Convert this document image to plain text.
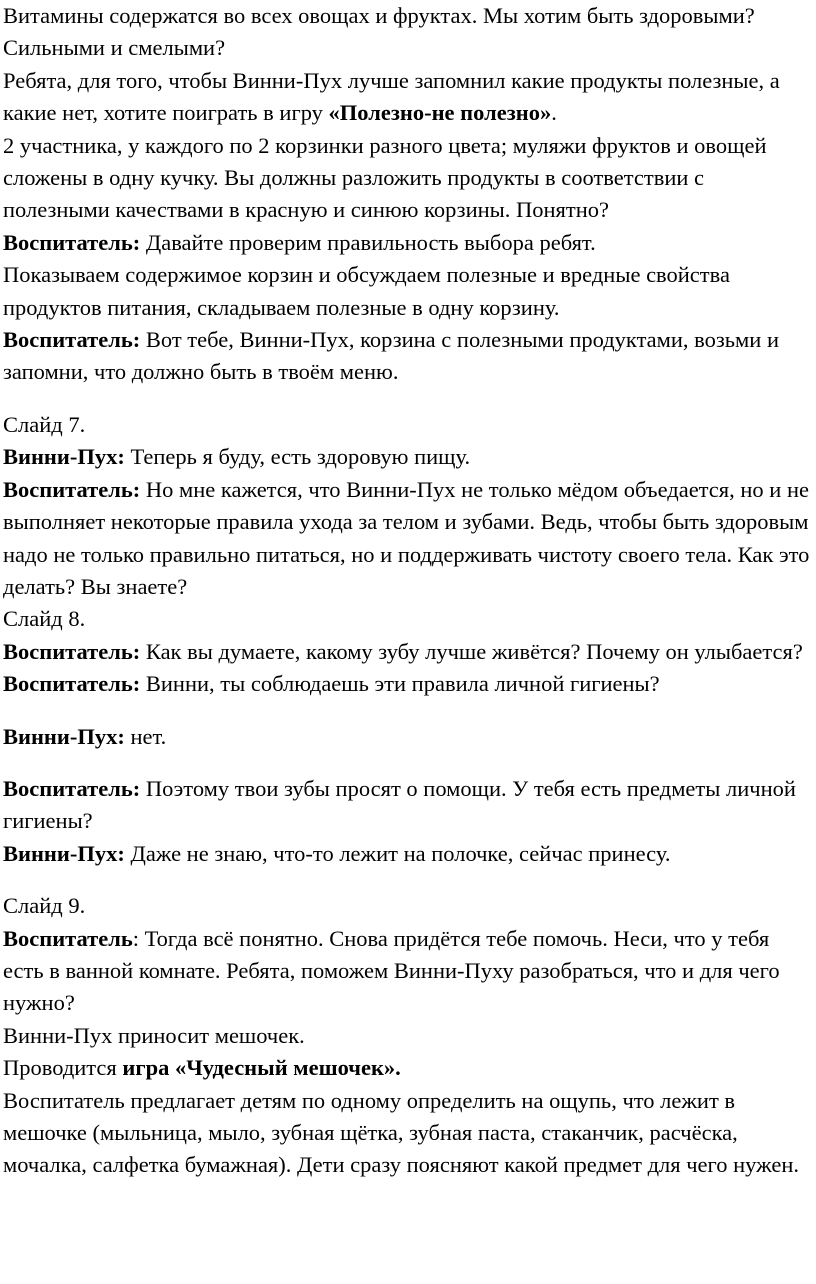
Витамины содержатся во всех овощах и фруктах. Мы хотим быть здоровыми? Сильными и смелыми?

Ребята, для того, чтобы Винни-Пух лучше запомнил какие продукты полезные, а какие нет, хотите поиграть в игру «Полезно-не полезно».

2 участника, у каждого по 2 корзинки разного цвета; муляжи фруктов и овощей сложены в одну кучку. Вы должны разложить продукты в соответствии с полезными качествами в красную и синюю корзины. Понятно?

Воспитатель: Давайте проверим правильность выбора ребят.

Показываем содержимое корзин и обсуждаем полезные и вредные свойства продуктов питания, складываем полезные в одну корзину.

Воспитатель: Вот тебе, Винни-Пух, корзина с полезными продуктами, возьми и запомни, что должно быть в твоём меню.

Слайд 7.

Винни-Пух: Теперь я буду, есть здоровую пищу.

Воспитатель: Но мне кажется, что Винни-Пух не только мёдом объедается, но и не выполняет некоторые правила ухода за телом и зубами. Ведь, чтобы быть здоровым надо не только правильно питаться, но и поддерживать чистоту своего тела. Как это делать? Вы знаете?

Слайд 8.

Воспитатель: Как вы думаете, какому зубу лучше живётся? Почему он улыбается?

Воспитатель: Винни, ты соблюдаешь эти правила личной гигиены?

Винни-Пух: нет.

Воспитатель: Поэтому твои зубы просят о помощи. У тебя есть предметы личной гигиены?

Винни-Пух: Даже не знаю, что-то лежит на полочке, сейчас принесу.

Слайд 9.

Воспитатель: Тогда всё понятно. Снова придётся тебе помочь. Неси, что у тебя есть в ванной комнате. Ребята, поможем Винни-Пуху разобраться, что и для чего нужно?

Винни-Пух приносит мешочек.

Проводится игра «Чудесный мешочек».

Воспитатель предлагает детям по одному определить на ощупь, что лежит в мешочке (мыльница, мыло, зубная щётка, зубная паста, стаканчик, расчёска, мочалка, салфетка бумажная). Дети сразу поясняют какой предмет для чего нужен.
